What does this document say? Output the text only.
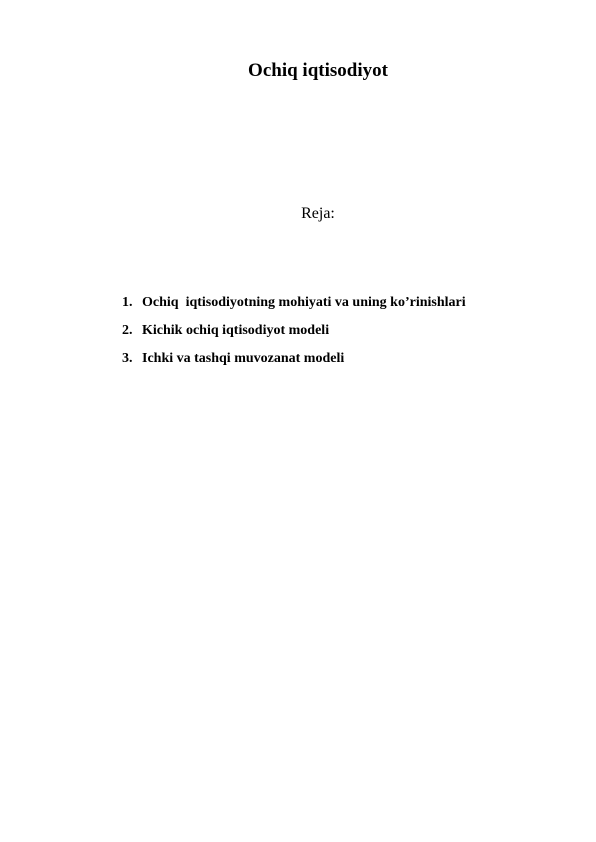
Ochiq iqtisodiyot
Reja:

1. Ochiq  iqtisodiyotning mohiyati va uning ko’rinishlari

2. Kichik ochiq iqtisodiyot modeli

3. Ichki va tashqi muvozanat modeli
